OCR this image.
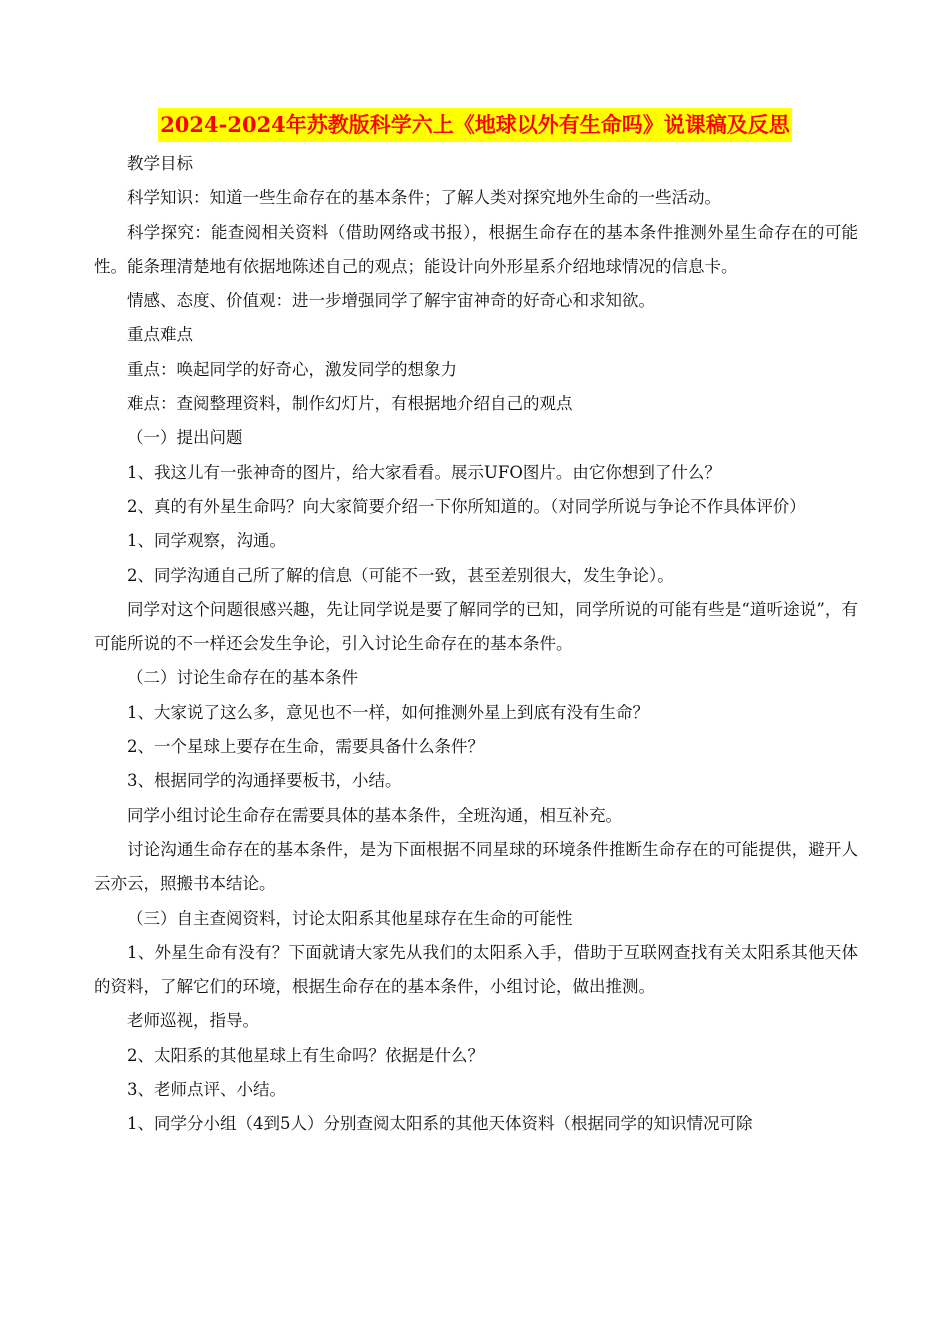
2024-2024年苏教版科学六上《地球以外有生命吗》说课稿及反思

教学目标

科学知识：知道一些生命存在的基本条件；了解人类对探究地外生命的一些活动。

科学探究：能查阅相关资料（借助网络或书报），根据生命存在的基本条件推测外星生命存在的可能性。能条理清楚地有依据地陈述自己的观点；能设计向外形星系介绍地球情况的信息卡。

情感、态度、价值观：进一步增强同学了解宇宙神奇的好奇心和求知欲。

重点难点

重点：唤起同学的好奇心，激发同学的想象力

难点：查阅整理资料，制作幻灯片，有根据地介绍自己的观点

（一）提出问题

1、我这儿有一张神奇的图片，给大家看看。展示UFO图片。由它你想到了什么？

2、真的有外星生命吗？向大家简要介绍一下你所知道的。（对同学所说与争论不作具体评价）

1、同学观察，沟通。

2、同学沟通自己所了解的信息（可能不一致，甚至差别很大，发生争论）。

同学对这个问题很感兴趣，先让同学说是要了解同学的已知，同学所说的可能有些是“道听途说”，有可能所说的不一样还会发生争论，引入讨论生命存在的基本条件。

（二）讨论生命存在的基本条件

1、大家说了这么多，意见也不一样，如何推测外星上到底有没有生命？

2、一个星球上要存在生命，需要具备什么条件？

3、根据同学的沟通择要板书，小结。

同学小组讨论生命存在需要具体的基本条件，全班沟通，相互补充。

讨论沟通生命存在的基本条件，是为下面根据不同星球的环境条件推断生命存在的可能提供，避开人云亦云，照搬书本结论。

（三）自主查阅资料，讨论太阳系其他星球存在生命的可能性

1、外星生命有没有？下面就请大家先从我们的太阳系入手，借助于互联网查找有关太阳系其他天体的资料，了解它们的环境，根据生命存在的基本条件，小组讨论，做出推测。

老师巡视，指导。

2、太阳系的其他星球上有生命吗？依据是什么？

3、老师点评、小结。

1、同学分小组（4到5人）分别查阅太阳系的其他天体资料（根据同学的知识情况可除
